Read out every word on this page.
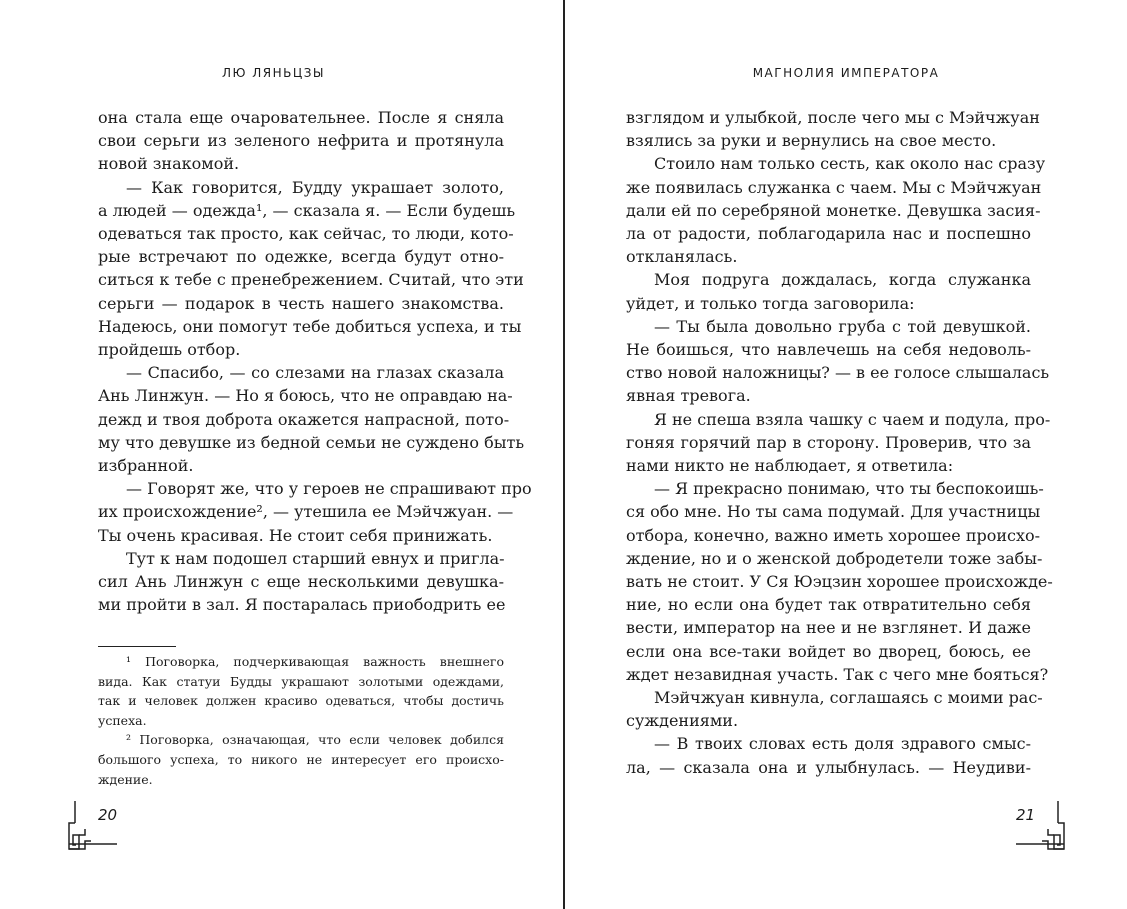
ЛЮ ЛЯНЬЦЗЫ
она стала еще очаровательнее. После я сняла
свои серьги из зеленого нефрита и протянула
новой знакомой.
— Как говорится, Будду украшает золото,
а людей — одежда¹, — сказала я. — Если будешь
одеваться так просто, как сейчас, то люди, кото-
рые встречают по одежке, всегда будут отно-
ситься к тебе с пренебрежением. Считай, что эти
серьги — подарок в честь нашего знакомства.
Надеюсь, они помогут тебе добиться успеха, и ты
пройдешь отбор.
— Спасибо, — со слезами на глазах сказала
Ань Линжун. — Но я боюсь, что не оправдаю на-
дежд и твоя доброта окажется напрасной, пото-
му что девушке из бедной семьи не суждено быть
избранной.
— Говорят же, что у героев не спрашивают про
их происхождение², — утешила ее Мэйчжуан. —
Ты очень красивая. Не стоит себя принижать.
Тут к нам подошел старший евнух и пригла-
сил Ань Линжун с еще несколькими девушка-
ми пройти в зал. Я постаралась приободрить ее
¹ Поговорка, подчеркивающая важность внешнего
вида. Как статуи Будды украшают золотыми одеждами,
так и человек должен красиво одеваться, чтобы достичь
успеха.
² Поговорка, означающая, что если человек добился
большого успеха, то никого не интересует его происхо-
ждение.
20
МАГНОЛИЯ ИМПЕРАТОРА
взглядом и улыбкой, после чего мы с Мэйчжуан
взялись за руки и вернулись на свое место.
Стоило нам только сесть, как около нас сразу
же появилась служанка с чаем. Мы с Мэйчжуан
дали ей по серебряной монетке. Девушка засия-
ла от радости, поблагодарила нас и поспешно
откланялась.
Моя подруга дождалась, когда служанка
уйдет, и только тогда заговорила:
— Ты была довольно груба с той девушкой.
Не боишься, что навлечешь на себя недоволь-
ство новой наложницы? — в ее голосе слышалась
явная тревога.
Я не спеша взяла чашку с чаем и подула, про-
гоняя горячий пар в сторону. Проверив, что за
нами никто не наблюдает, я ответила:
— Я прекрасно понимаю, что ты беспокоишь-
ся обо мне. Но ты сама подумай. Для участницы
отбора, конечно, важно иметь хорошее происхо-
ждение, но и о женской добродетели тоже забы-
вать не стоит. У Ся Юэцзин хорошее происхожде-
ние, но если она будет так отвратительно себя
вести, император на нее и не взглянет. И даже
если она все-таки войдет во дворец, боюсь, ее
ждет незавидная участь. Так с чего мне бояться?
Мэйчжуан кивнула, соглашаясь с моими рас-
суждениями.
— В твоих словах есть доля здравого смыс-
ла, — сказала она и улыбнулась. — Неудиви-
21
